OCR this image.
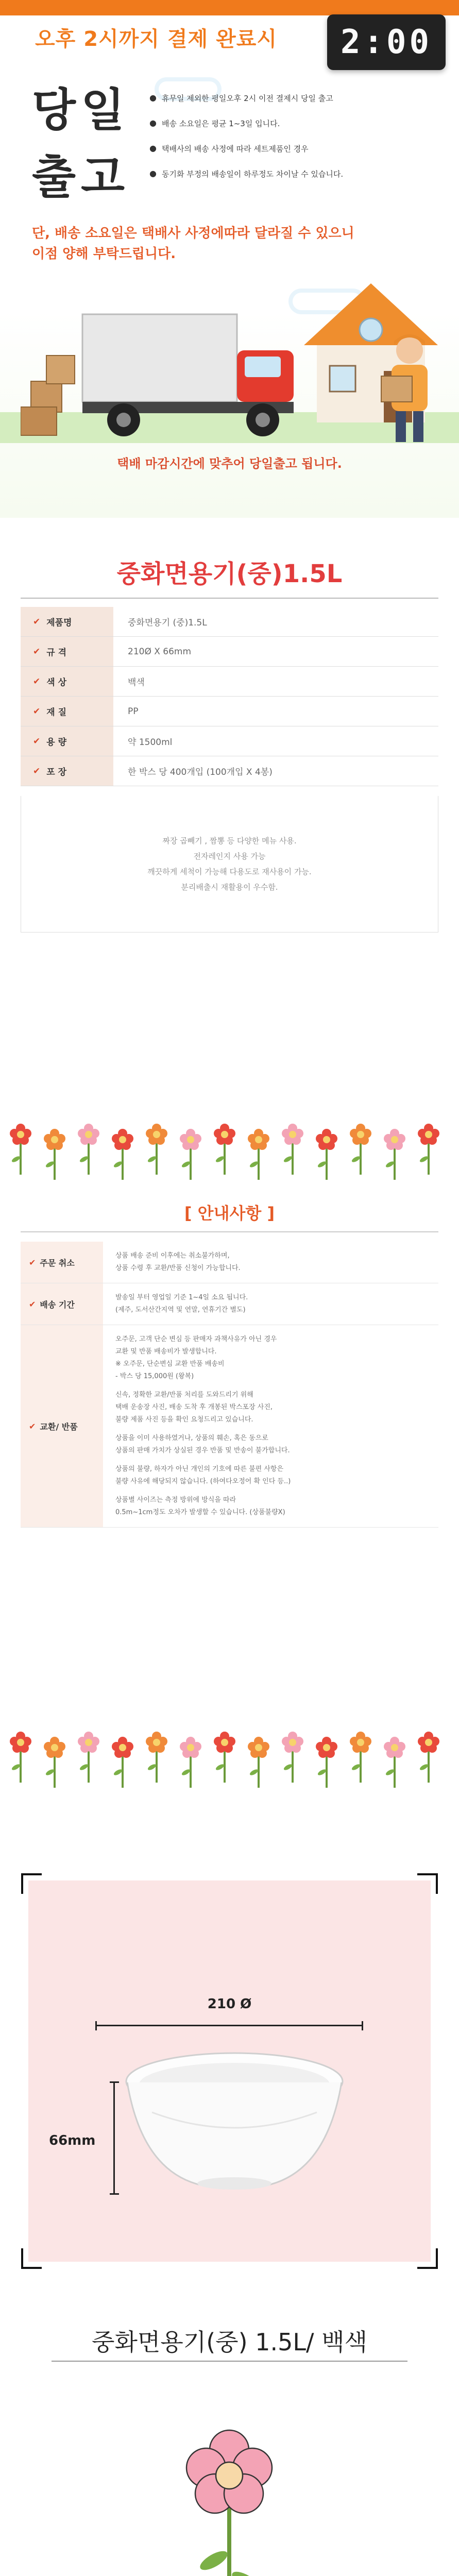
오후 2시까지 결제 완료시	2:00
당일
출고
● 휴무일 제외한 평일오후 2시 이전 결제시 당일 출고
● 배송 소요일은 평균 1~3일 입니다.
● 택배사의 배송 사정에 따라 세트제품인 경우
● 동기화 부정의 배송일이 하루정도 차이날 수 있습니다.
단, 배송 소요일은 택배사 사정에따라 달라질 수 있으니
이점 양해 부탁드립니다.
택배 마감시간에 맞추어 당일출고 됩니다.
중화면용기(중)1.5L
✔ 제품명	중화면용기 (중)1.5L
✔ 규 격	210Ø X 66mm
✔ 색 상	백색
✔ 재 질	PP
✔ 용 량	약 1500ml
✔ 포 장	한 박스 당 400개입 (100개입 X 4봉)
짜장 곱빼기 , 짬뽕 등 다양한 메뉴 사용.
전자레인지 사용 가능
깨끗하게 세척이 가능해 다용도로 재사용이 가능.
분리배출시 재활용이 우수함.
[ 안내사항 ]
✔ 주문 취소

상품 배송 준비 이후에는 취소불가하며,
상품 수령 후 교환/반품 신청이 가능합니다.

✔ 배송 기간

발송일 부터 영업일 기준 1~4일 소요 됩니다.
(제주, 도서산간지역 및 연말, 연휴기간 별도)

✔ 교환/ 반품

오주문, 고객 단순 변심 등 판매자 과책사유가 아닌 경우
교환 및 반품 배송비가 발생합니다.
※ 오주문, 단순변심 교환 반품 배송비
- 박스 당 15,000원 (왕복)

신속, 정확한 교환/반품 처리를 도와드리기 위해
택배 운송장 사진, 배송 도착 후 개봉된 박스포장 사진,
불량 제품 사진 등을 확인 요청드리고 있습니다.

상품을 이미 사용하였거나, 상품의 훼손, 혹은 동으로
상품의 판매 가치가 상실된 경우 반품 및 반송이 불가합니다.

상품의 불량, 하자가 아닌 개인의 기호에 따른 불편 사항은
불량 사유에 해당되지 않습니다. (하여다오정어 확 인다 등..)

상품별 사이즈는 측정 방위에 방식을 따라
0.5m~1cm정도 오차가 발생할 수 있습니다. (상품불량X)

210 Ø
66mm
중화면용기(중) 1.5L/ 백색
